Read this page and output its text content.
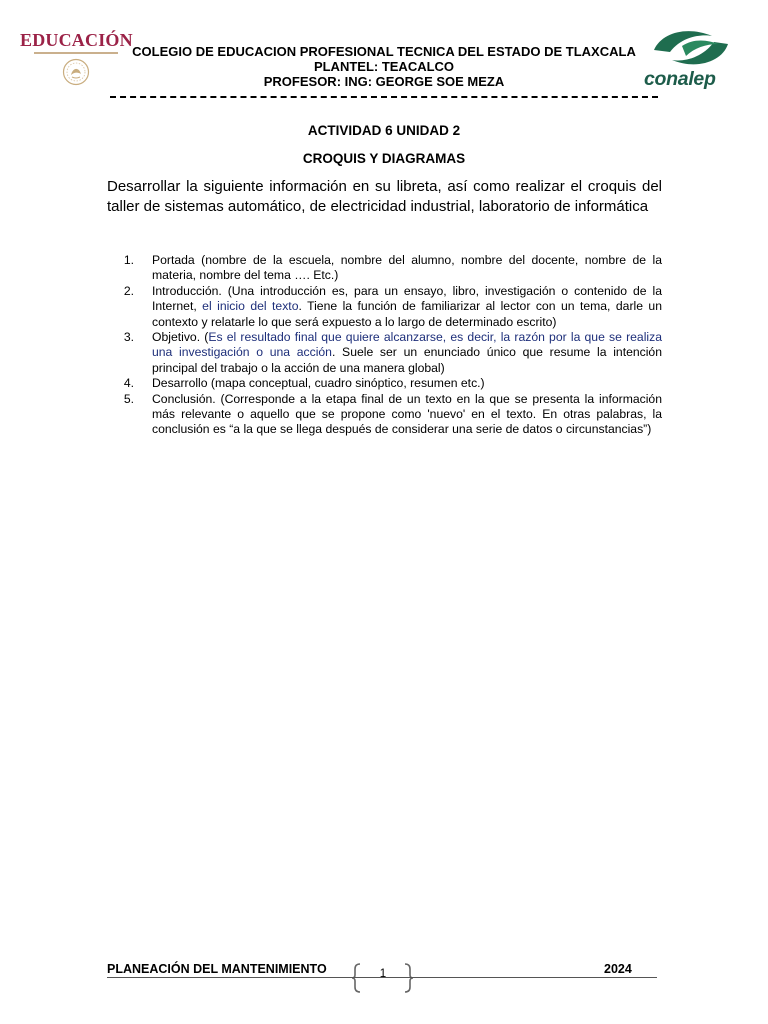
EDUCACIÓN
COLEGIO DE EDUCACION PROFESIONAL TECNICA DEL ESTADO DE TLAXCALA
PLANTEL: TEACALCO
PROFESOR: ING: GEORGE SOE MEZA	conalep
ACTIVIDAD 6 UNIDAD 2
CROQUIS Y DIAGRAMAS
Desarrollar la siguiente información en su libreta, así como realizar el croquis del taller de sistemas automático, de electricidad industrial, laboratorio de informática
1.	Portada (nombre de la escuela, nombre del alumno, nombre del docente, nombre de la materia, nombre del tema …. Etc.)
2.	Introducción. (Una introducción es, para un ensayo, libro, investigación o contenido de la Internet, el inicio del texto. Tiene la función de familiarizar al lector con un tema, darle un contexto y relatarle lo que será expuesto a lo largo de determinado escrito)
3.	Objetivo. (Es el resultado final que quiere alcanzarse, es decir, la razón por la que se realiza una investigación o una acción. Suele ser un enunciado único que resume la intención principal del trabajo o la acción de una manera global)
4.	Desarrollo (mapa conceptual, cuadro sinóptico, resumen etc.)
5.	Conclusión. (Corresponde a la etapa final de un texto en la que se presenta la información más relevante o aquello que se propone como 'nuevo' en el texto. En otras palabras, la conclusión es “a la que se llega después de considerar una serie de datos o circunstancias”)
PLANEACIÓN DEL MANTENIMIENTO	1	2024
